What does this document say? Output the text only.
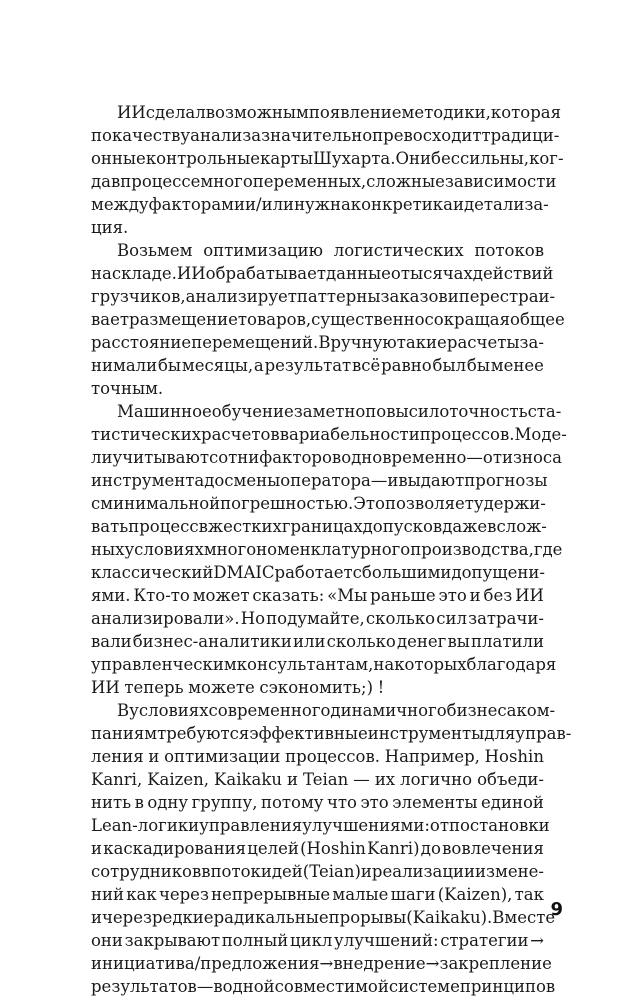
ИИ сделал возможным появление методики, которая
по качеству анализа значительно превосходит традици-
онные контрольные карты Шухарта. Они бессильны, ког-
да в процессе много переменных, сложные зависимости
между факторами и/или нужна конкретика и детализа-
ция.
Возьмем оптимизацию логистических потоков
на складе. ИИ обрабатывает данные о тысячах действий
грузчиков, анализирует паттерны заказов и перестраи-
вает размещение товаров, существенно сокращая общее
расстояние перемещений. Вручную такие расчеты за-
нимали бы месяцы, а результат всё равно был бы менее
точным.
Машинное обучение заметно повысило точность ста-
тистических расчетов вариабельности процессов. Моде-
ли учитывают сотни факторов одновременно — от износа
инструмента до смены оператора — и выдают прогнозы
с минимальной погрешностью. Это позволяет удержи-
вать процесс в жестких границах допусков даже в слож-
ных условиях многономенклатурного производства, где
классический DMAIC работает с большими допущени-
ями. Кто-то может сказать: «Мы раньше это и без ИИ
анализировали». Но подумайте, сколько сил затрачи-
вали бизнес-аналитики или сколько денег вы платили
управленческим консультантам, на которых благодаря
ИИ теперь можете сэкономить;) !
В условиях современного динамичного бизнеса ком-
паниям требуются эффективные инструменты для управ-
ления и оптимизации процессов. Например, Hoshin
Kanri, Kaizen, Kaikaku и Teian — их логично объеди-
нить в одну группу, потому что это элементы единой
Lean-логики управления улучшениями: от постановки
и каскадирования целей (Hoshin Kanri) до вовлечения
сотрудников в поток идей (Teian) и реализации измене-
ний как через непрерывные малые шаги (Kaizen), так
и через редкие радикальные прорывы (Kaikaku). Вместе
они закрывают полный цикл улучшений: стратегии →
инициатива/предложения → внедрение → закрепление
результатов — в одной совместимой системе принципов
9
